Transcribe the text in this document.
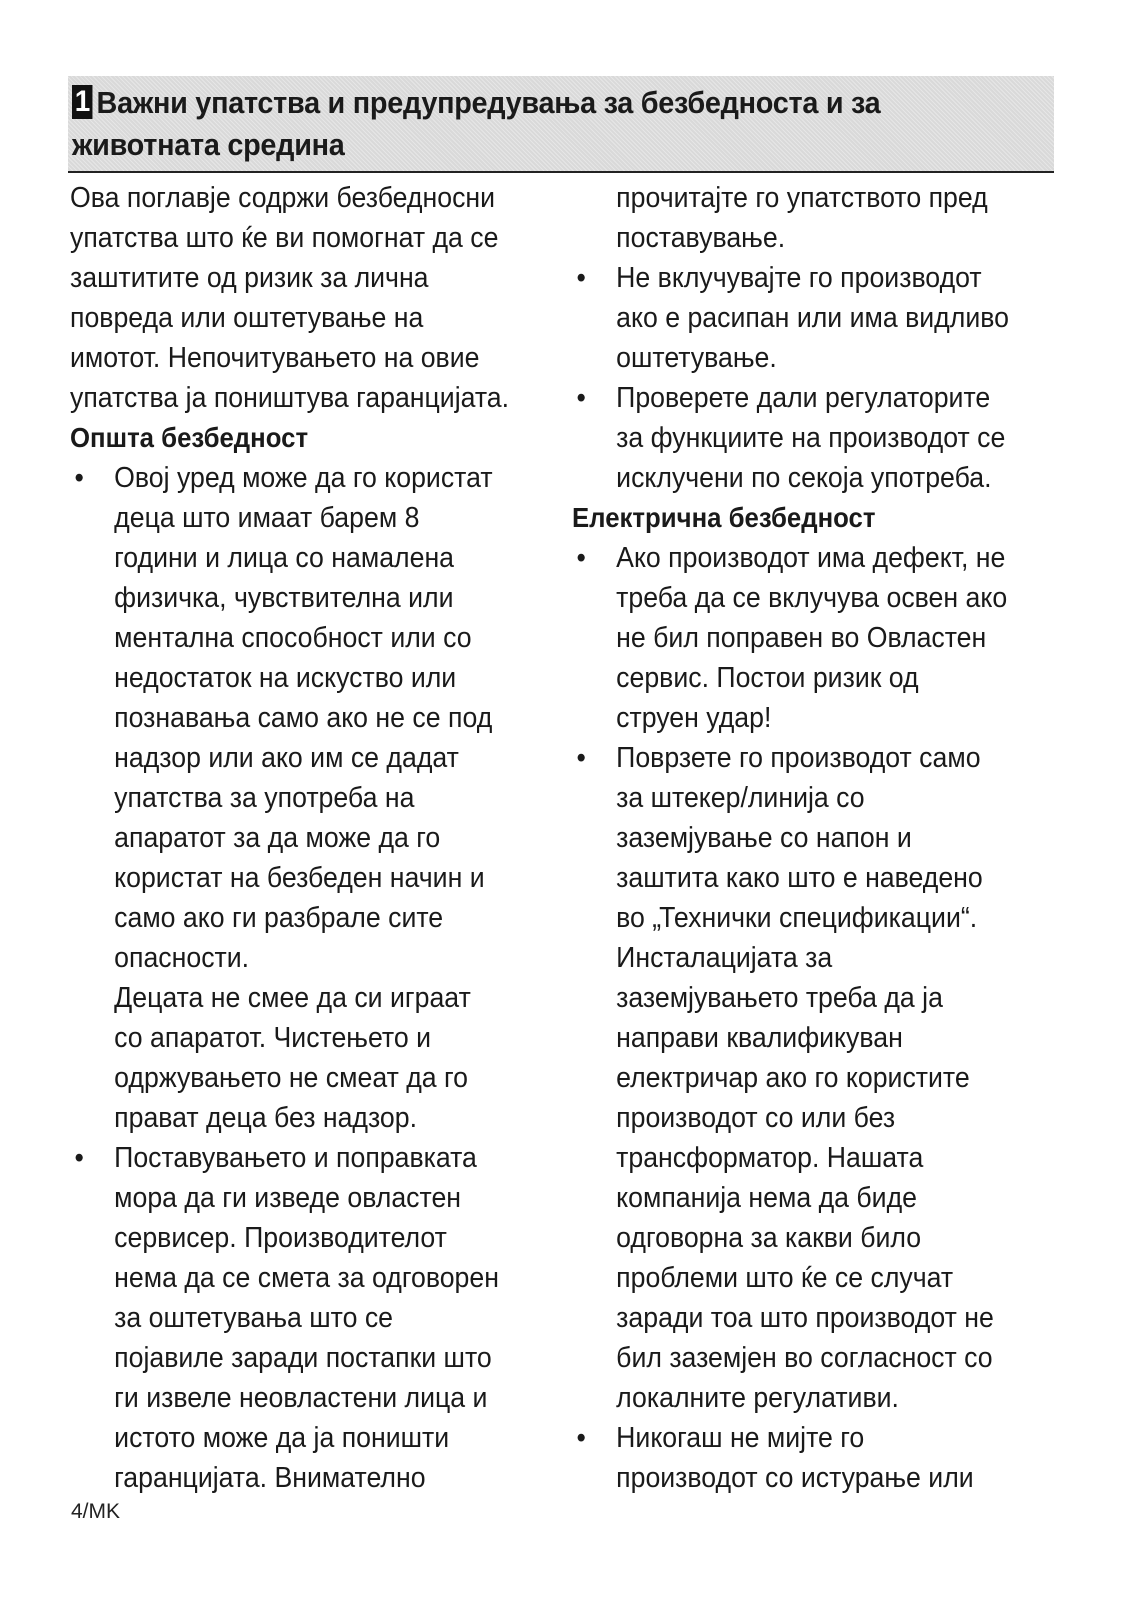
1 Важни упатства и предупредувања за безбедноста и за
животната средина

Ова поглавје содржи безбедносни

упатства што ќе ви помогнат да се

заштитите од ризик за лична

повреда или оштетување на

имотот. Непочитувањето на овие

упатства ја поништува гаранцијата.

Општа безбедност
• Овој уред може да го користат

деца што имаат барем 8

години и лица со намалена

физичка, чувствителна или

ментална способност или со

недостаток на искуство или

познавања само ако не се под

надзор или ако им се дадат

упатства за употреба на

апаратот за да може да го

користат на безбеден начин и

само ако ги разбрале сите

опасности.

Децата не смее да си играат

со апаратот. Чистењето и

одржувањето не смеат да го

прават деца без надзор.

• Поставувањето и поправката

мора да ги изведе овластен

сервисер. Производителот

нема да се смета за одговорен

за оштетувања што се

појавиле заради постапки што

ги извеле неовластени лица и

истото може да ја поништи

гаранцијата. Внимателно

прочитајте го упатството пред

поставување.

• Не вклучувајте го производот

ако е расипан или има видливо

оштетување.

• Проверете дали регулаторите

за функциите на производот се

исклучени по секоја употреба.

Електрична безбедност
• Ако производот има дефект, не

треба да се вклучува освен ако

не бил поправен во Овластен

сервис. Постои ризик од

струен удар!

• Поврзете го производот само

за штекер/линија со

заземјување со напон и

заштита како што е наведено

во „Технички спецификации“.

Инсталацијата за

заземјувањето треба да ја

направи квалификуван

електричар ако го користите

производот со или без

трансформатор. Нашата

компанија нема да биде

одговорна за какви било

проблеми што ќе се случат

заради тоа што производот не

бил заземјен во согласност со

локалните регулативи.

• Никогаш не мијте го

производот со истурање или

4/MK
